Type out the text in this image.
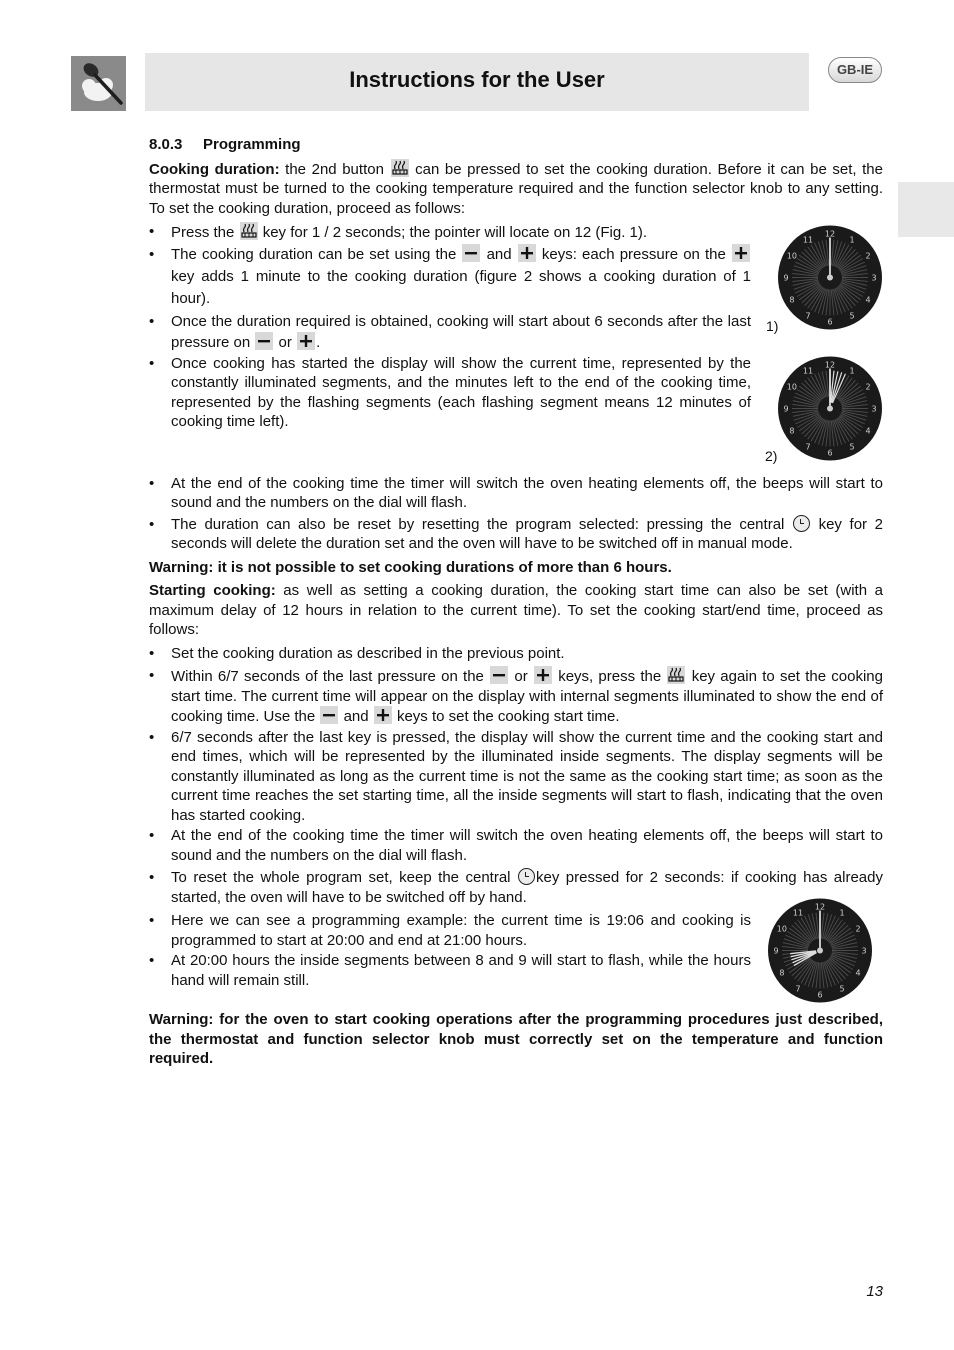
Instructions for the User	GB-IE
8.0.3 Programming

Cooking duration: the 2nd button
can be pressed to set the cooking duration. Before it can be set, the thermostat must be turned to the cooking temperature required and the function selector knob to any setting. To set the cooking duration, proceed as follows:

• Press the
key for 1 / 2 seconds; the pointer will locate on 12 (Fig. 1).
• The cooking duration can be set using the
and
keys: each pressure on the
key adds 1 minute to the cooking duration (figure 2 shows a cooking duration of 1 hour).
• Once the duration required is obtained, cooking will start about 6 seconds after the last pressure on
or
.
• Once cooking has started the display will show the current time, represented by the constantly illuminated segments, and the minutes left to the end of the cooking time, represented by the flashing segments (each flashing segment means 12 minutes of cooking time left).
• At the end of the cooking time the timer will switch the oven heating elements off, the beeps will start to sound and the numbers on the dial will flash.
• The duration can also be reset by resetting the program selected: pressing the central  key for 2 seconds will delete the duration set and the oven will have to be switched off in manual mode.

Warning: it is not possible to set cooking durations of more than 6 hours.

Starting cooking: as well as setting a cooking duration, the cooking start time can also be set (with a maximum delay of 12 hours in relation to the current time). To set the cooking start/end time, proceed as follows:

• Set the cooking duration as described in the previous point.
• Within 6/7 seconds of the last pressure on the
or
keys, press the
key again to set the cooking start time. The current time will appear on the display with internal segments illuminated to show the end of cooking time. Use the
and
keys to set the cooking start time.
• 6/7 seconds after the last key is pressed, the display will show the current time and the cooking start and end times, which will be represented by the illuminated inside segments. The display segments will be constantly illuminated as long as the current time is not the same as the cooking start time; as soon as the current time reaches the set starting time, all the inside segments will start to flash, indicating that the oven has started cooking.
• At the end of the cooking time the timer will switch the oven heating elements off, the beeps will start to sound and the numbers on the dial will flash.
• To reset the whole program set, keep the central key pressed for 2 seconds: if cooking has already started, the oven will have to be switched off by hand.
• Here we can see a programming example: the current time is 19:06 and cooking is programmed to start at 20:00 and end at 21:00 hours.
• At 20:00 hours the inside segments between 8 and 9 will start to flash, while the hours hand will remain still.

Warning: for the oven to start cooking operations after the programming procedures just described, the thermostat and function selector knob must correctly set on the temperature and function required.

12
1
2
3
4
5
6
7
8
9
10
11
1)
12
1
2
3
4
5
6
7
8
9
10
11
2)
12
1
2
3
4
5
6
7
8
9
10
11
13
